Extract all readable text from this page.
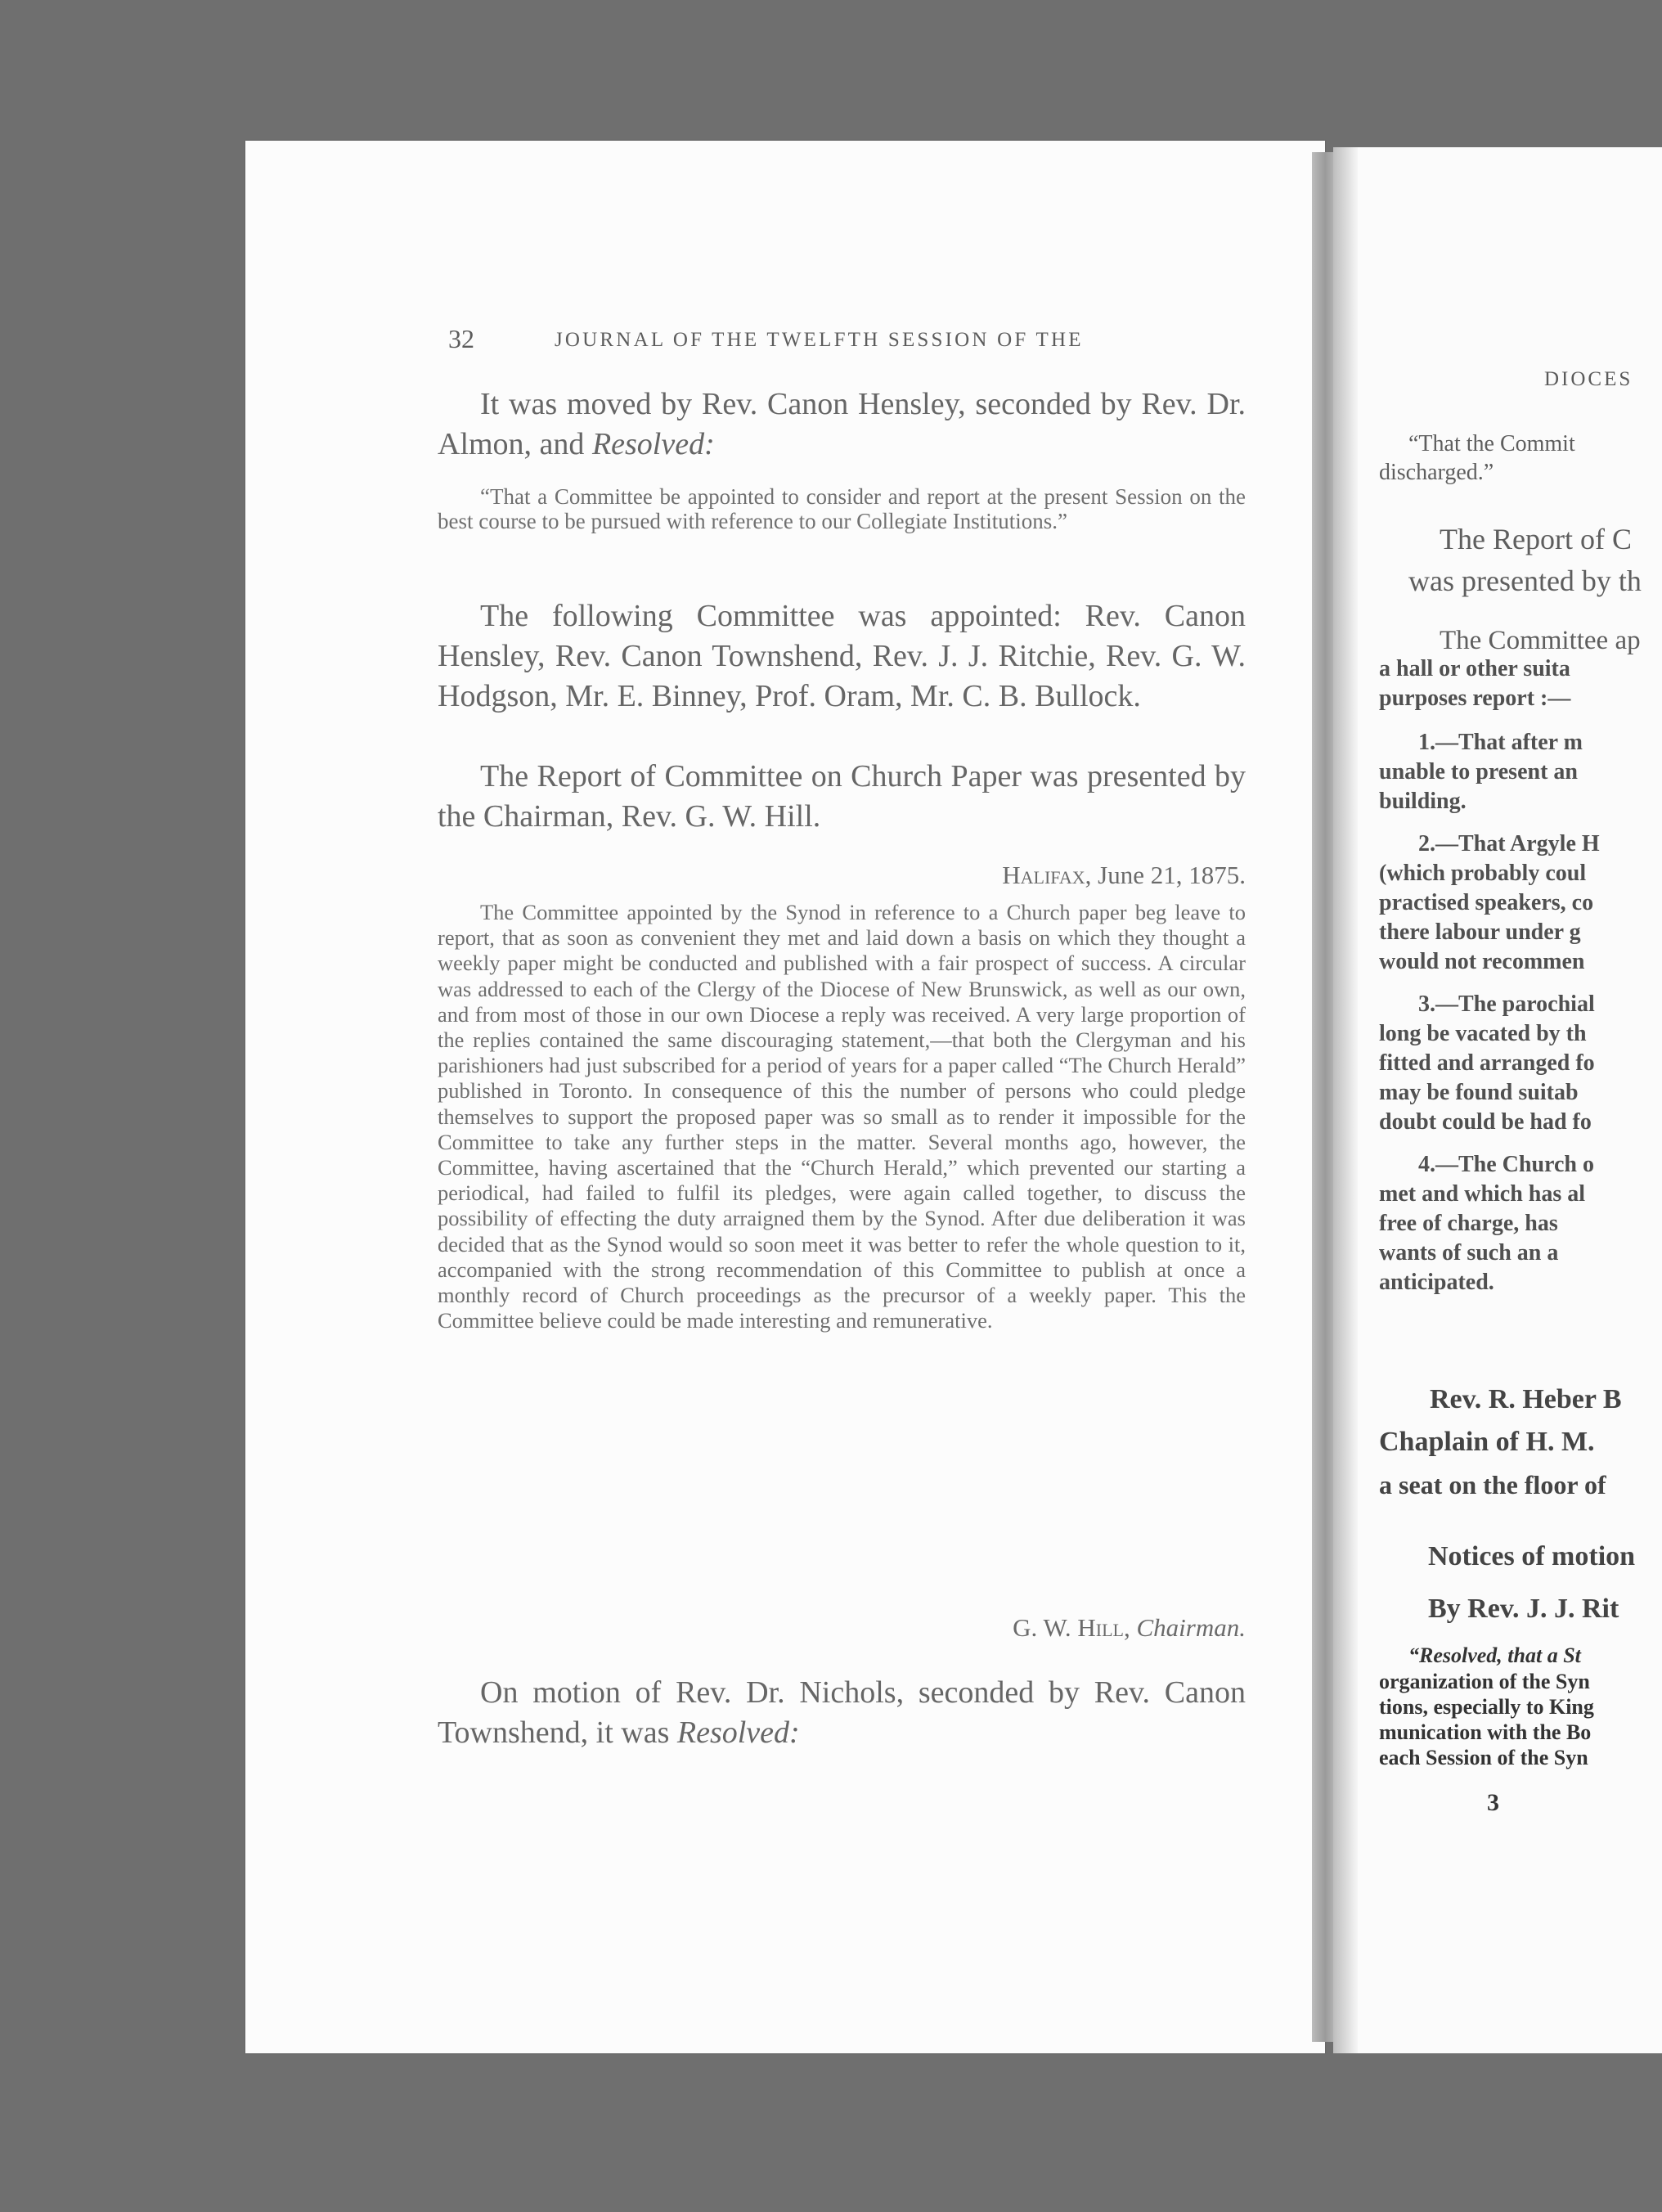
32	JOURNAL OF THE TWELFTH SESSION OF THE
It was moved by Rev. Canon Hensley, seconded by Rev. Dr. Almon, and Resolved:
“That a Committee be appointed to consider and report at the present Session on the best course to be pursued with reference to our Collegiate Institutions.”
The following Committee was appointed: Rev. Canon Hensley, Rev. Canon Townshend, Rev. J. J. Ritchie, Rev. G. W. Hodgson, Mr. E. Binney, Prof. Oram, Mr. C. B. Bullock.
The Report of Committee on Church Paper was presented by the Chairman, Rev. G. W. Hill.
Halifax, June 21, 1875.
The Committee appointed by the Synod in reference to a Church paper beg leave to report, that as soon as convenient they met and laid down a basis on which they thought a weekly paper might be conducted and published with a fair prospect of success. A circular was addressed to each of the Clergy of the Diocese of New Brunswick, as well as our own, and from most of those in our own Diocese a reply was received. A very large proportion of the replies contained the same discouraging statement,—that both the Clergyman and his parishioners had just subscribed for a period of years for a paper called “The Church Herald” published in Toronto. In consequence of this the number of persons who could pledge themselves to support the proposed paper was so small as to render it impossible for the Committee to take any further steps in the matter. Several months ago, however, the Committee, having ascertained that the “Church Herald,” which prevented our starting a periodical, had failed to fulfil its pledges, were again called together, to discuss the possibility of effecting the duty arraigned them by the Synod. After due deliberation it was decided that as the Synod would so soon meet it was better to refer the whole question to it, accompanied with the strong recommendation of this Committee to publish at once a monthly record of Church proceedings as the precursor of a weekly paper. This the Committee believe could be made interesting and remunerative.
G. W. Hill, Chairman.
On motion of Rev. Dr. Nichols, seconded by Rev. Canon Townshend, it was Resolved:
DIOCES
“That the Commit
discharged.”
The Report of C
was presented by th
The Committee ap
a hall or other suita
purposes report :—
1.—That after m
unable to present an
building.
2.—That Argyle H
(which probably coul
practised speakers, co
there labour under g
would not recommen
3.—The parochial
long be vacated by th
fitted and arranged fo
may be found suitab
doubt could be had fo
4.—The Church o
met and which has al
free of charge, has
wants of such an a
anticipated.
Rev. R. Heber B
Chaplain of H. M.
a seat on the floor of
Notices of motion
By Rev. J. J. Rit
“Resolved, that a St
organization of the Syn
tions, especially to King
munication with the Bo
each Session of the Syn
3
